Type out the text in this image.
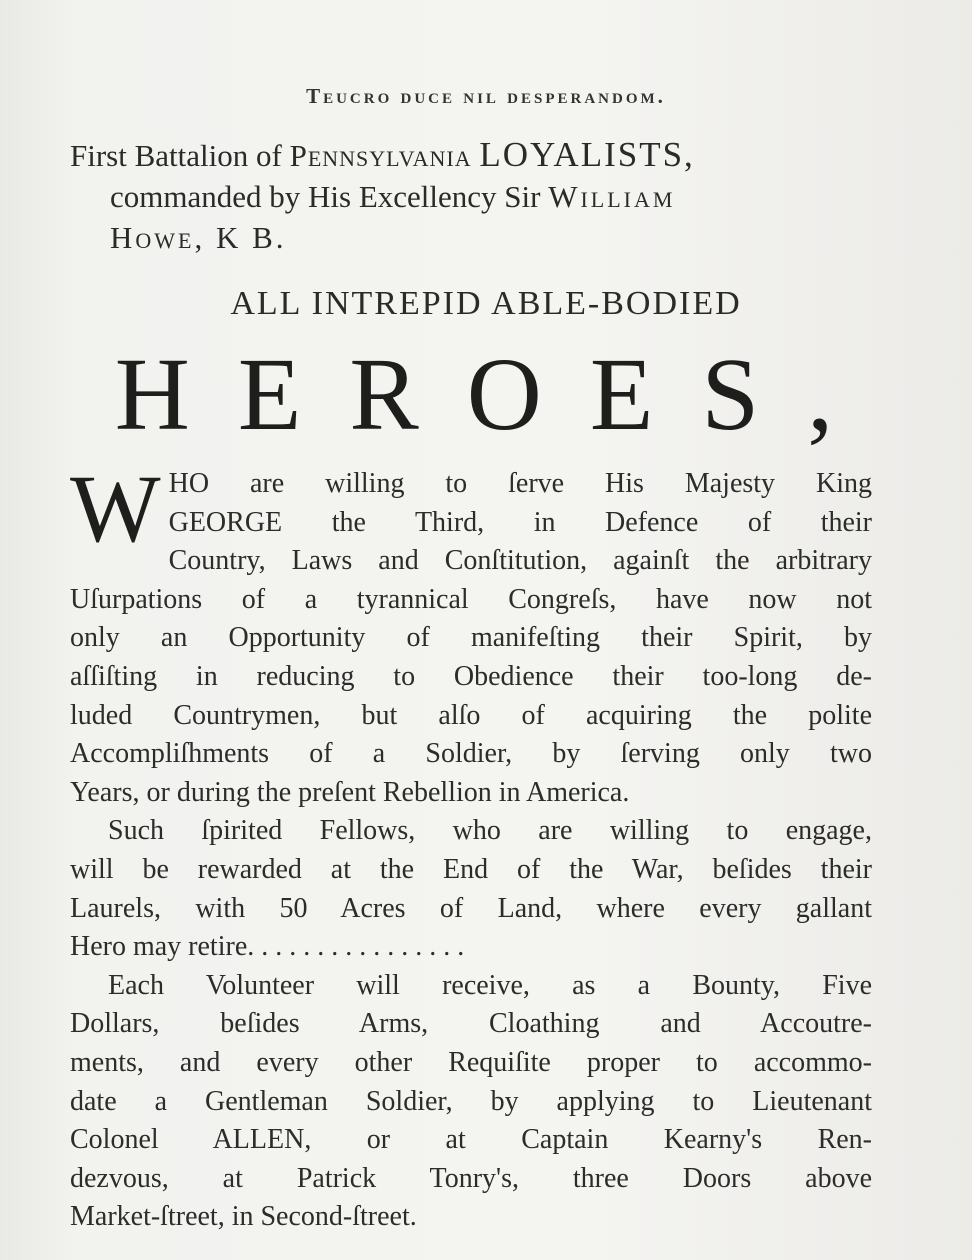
Teucro duce nil desperandom.
First Battalion of Pennsylvania LOYALISTS,
commanded by His Excellency Sir William
Howe, K B.
ALL INTREPID ABLE-BODIED
HEROES,
W HO are willing to ſerve His Majesty King
GEORGE the Third, in Defence of their
Country, Laws and Conſtitution, againſt the arbitrary
Uſurpations of a tyrannical Congreſs, have now not
only an Opportunity of manifeſting their Spirit, by
aſſiſting in reducing to Obedience their too-long de-
luded Countrymen, but alſo of acquiring the polite
Accompliſhments of a Soldier, by ſerving only two
Years, or during the preſent Rebellion in America.
Such ſpirited Fellows, who are willing to engage,
will be rewarded at the End of the War, beſides their
Laurels, with 50 Acres of Land, where every gallant
Hero may retire. . . . . . . . . . . . . . . .
Each Volunteer will receive, as a Bounty, Five
Dollars, beſides Arms, Cloathing and Accoutre-
ments, and every other Requiſite proper to accommo-
date a Gentleman Soldier, by applying to Lieutenant
Colonel ALLEN, or at Captain Kearny's Ren-
dezvous, at Patrick Tonry's, three Doors above
Market-ſtreet, in Second-ſtreet.
